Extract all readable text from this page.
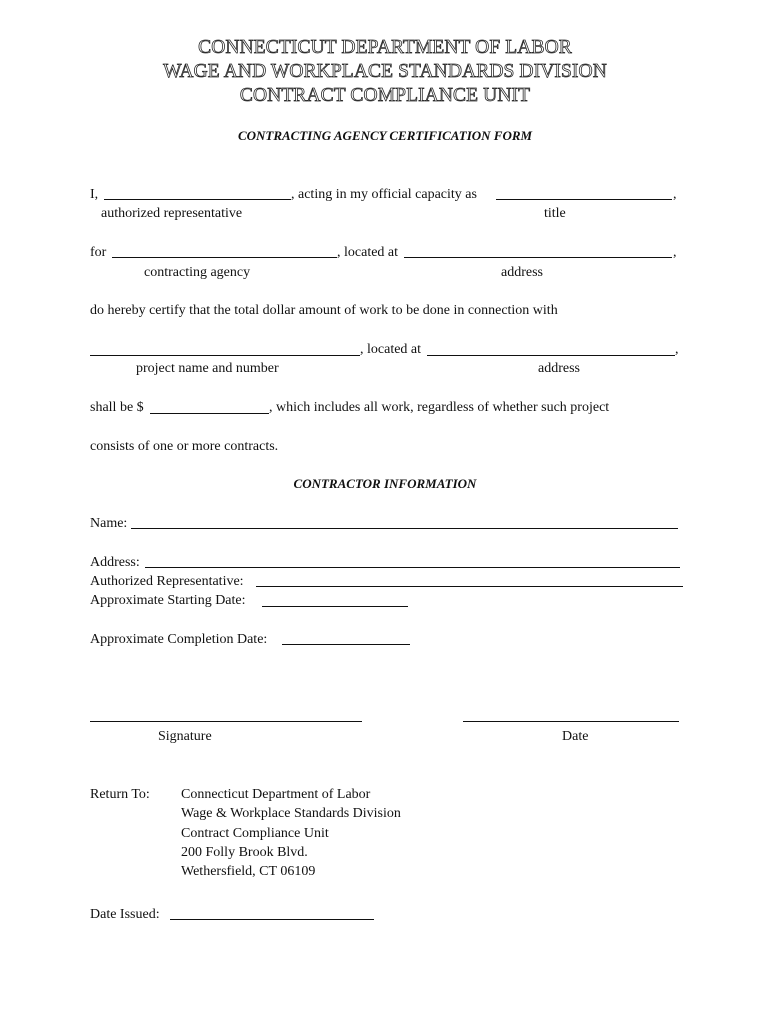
CONNECTICUT DEPARTMENT OF LABOR
WAGE AND WORKPLACE STANDARDS DIVISION
CONTRACT COMPLIANCE UNIT
CONTRACTING AGENCY CERTIFICATION FORM
I,	, acting in my official capacity as	,
authorized representative	title
for	, located at	,
contracting agency	address
do hereby certify that the total dollar amount of work to be done in connection with
, located at	,
project name and number	address
shall be $	, which includes all work, regardless of whether such project
consists of one or more contracts.
CONTRACTOR INFORMATION
Name:
Address:
Authorized Representative:
Approximate Starting Date:
Approximate Completion Date:
Signature	Date
Return To: Connecticut Department of Labor
Wage & Workplace Standards Division
Contract Compliance Unit
200 Folly Brook Blvd.
Wethersfield, CT 06109
Date Issued:
